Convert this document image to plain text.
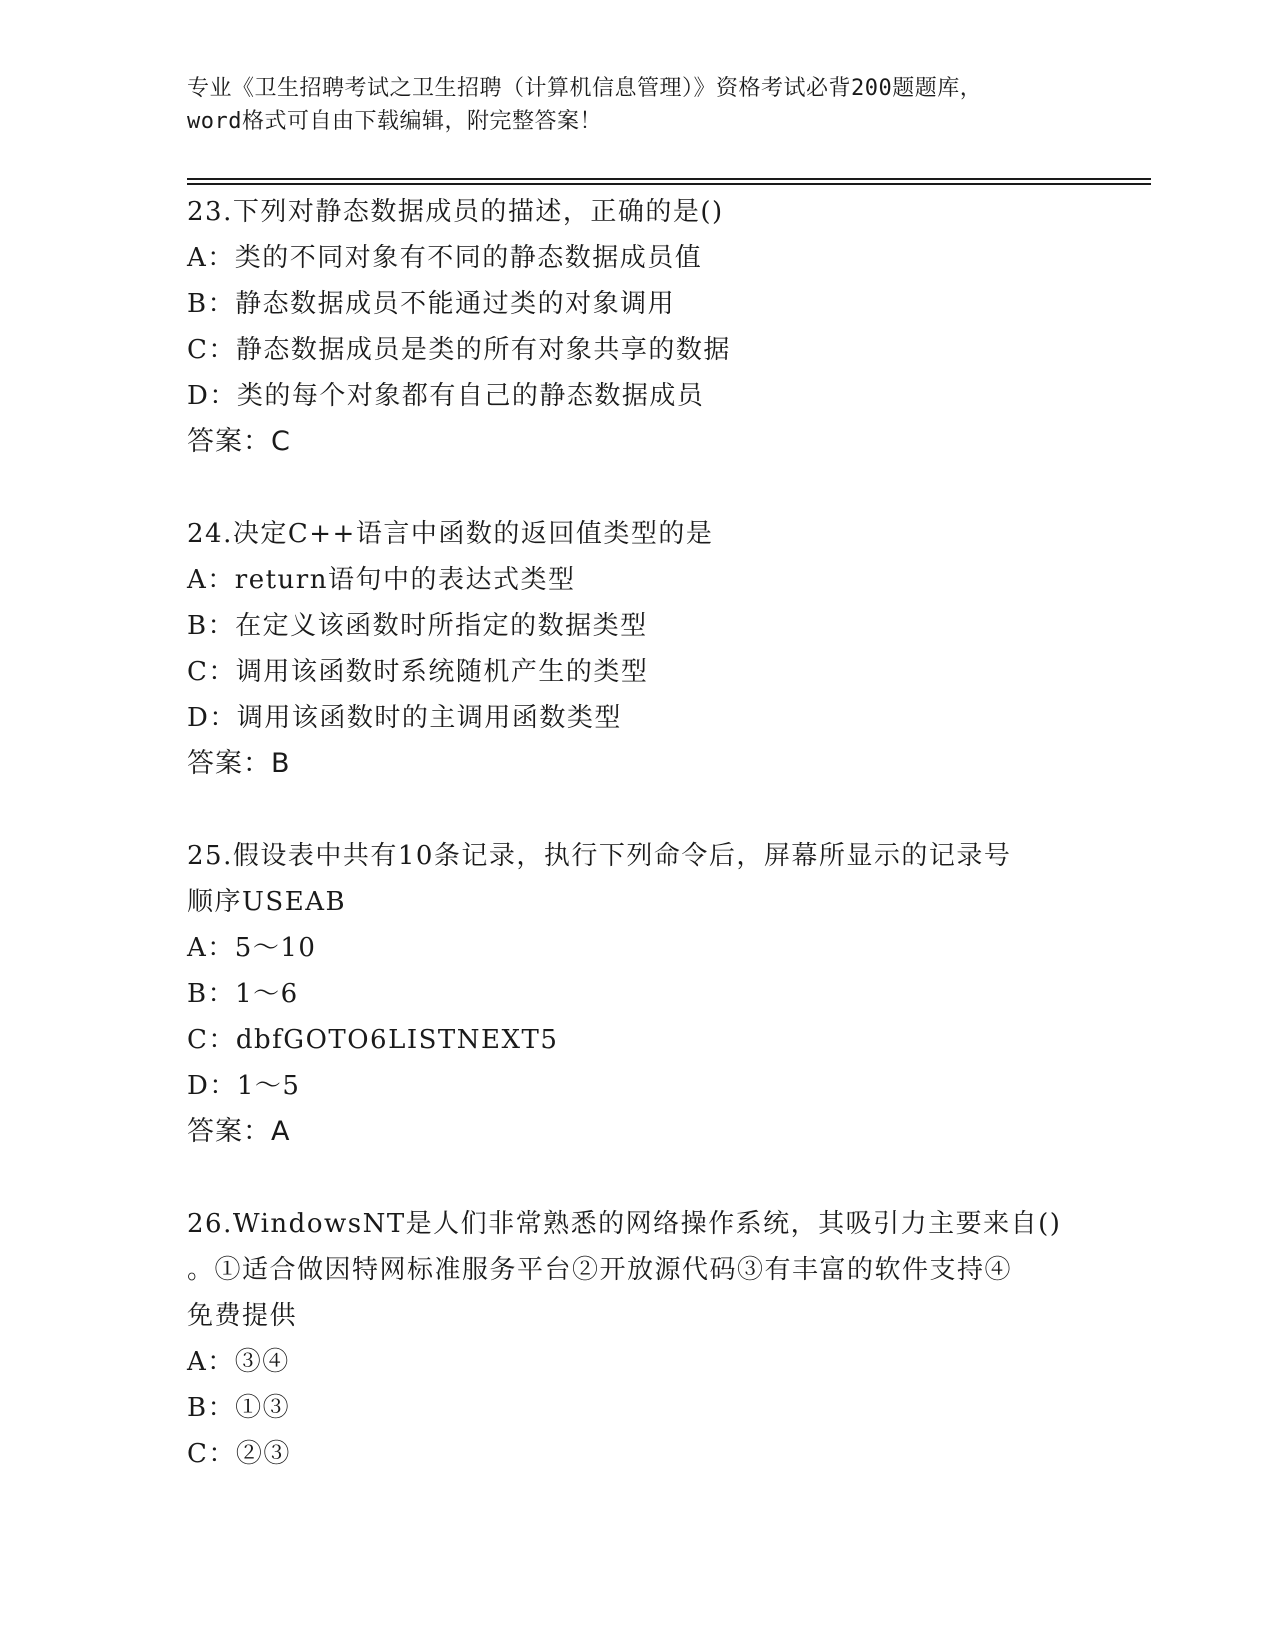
专业《卫生招聘考试之卫生招聘（计算机信息管理）》资格考试必背200题题库，
word格式可自由下载编辑，附完整答案！
23.下列对静态数据成员的描述，正确的是()
A：类的不同对象有不同的静态数据成员值
B：静态数据成员不能通过类的对象调用
C：静态数据成员是类的所有对象共享的数据
D：类的每个对象都有自己的静态数据成员
答案：C
24.决定C++语言中函数的返回值类型的是
A：return语句中的表达式类型
B：在定义该函数时所指定的数据类型
C：调用该函数时系统随机产生的类型
D：调用该函数时的主调用函数类型
答案：B
25.假设表中共有10条记录，执行下列命令后，屏幕所显示的记录号
顺序USEAB
A：5～10
B：1～6
C：dbfGOTO6LISTNEXT5
D：1～5
答案：A
26.WindowsNT是人们非常熟悉的网络操作系统，其吸引力主要来自()
。①适合做因特网标准服务平台②开放源代码③有丰富的软件支持④
免费提供
A：③④
B：①③
C：②③
